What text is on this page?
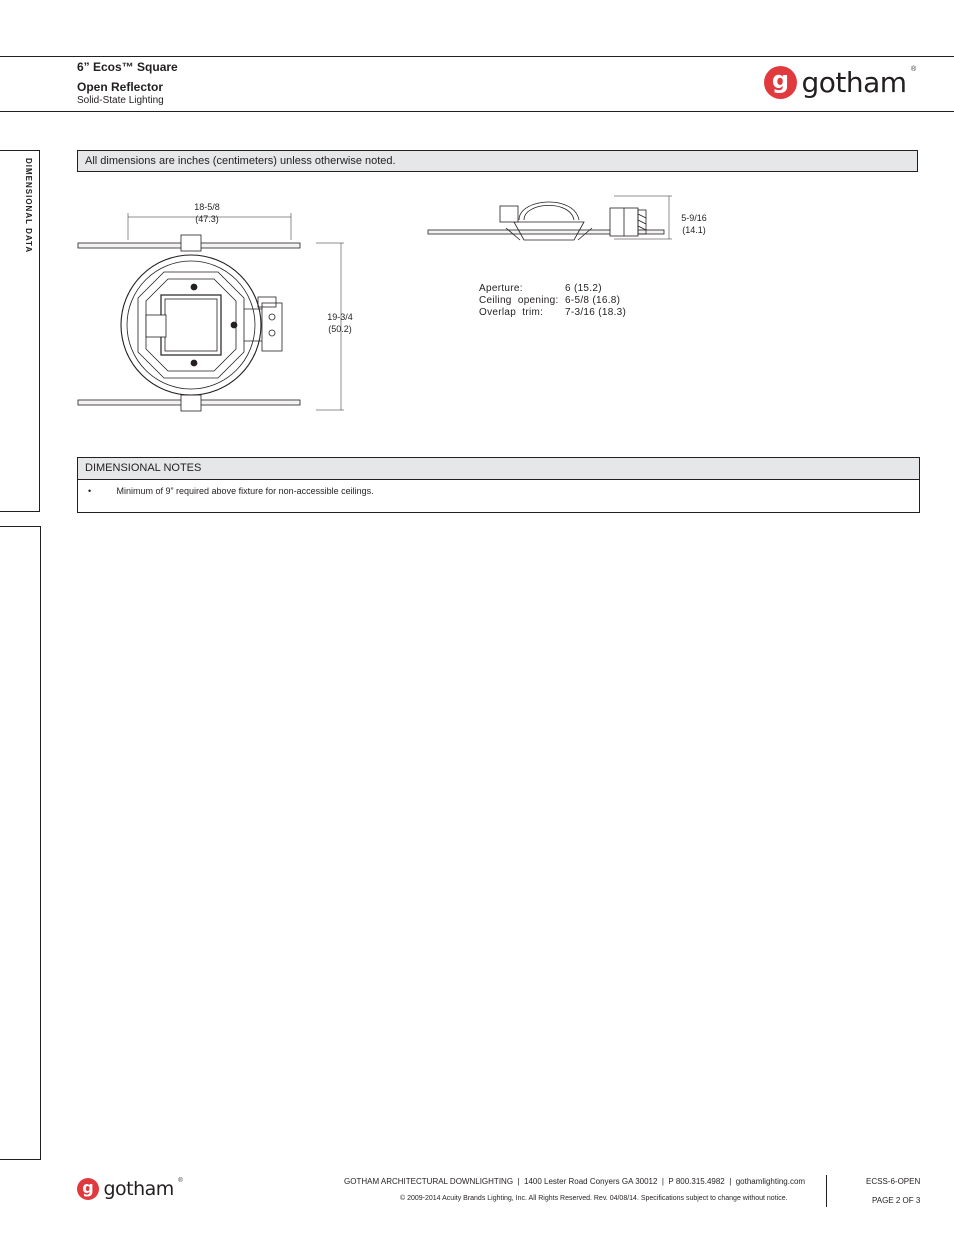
6” Ecos™ Square
Open Reflector
Solid-State Lighting
g gotham ®
DIMENSIONAL DATA	All dimensions are inches (centimeters) unless otherwise noted.
18-5/8
(47.3)
19-3/4
(50.2)
5-9/16
(14.1)
Aperture:	6 (15.2)
Ceiling  opening:	6-5/8 (16.8)
Overlap  trim:	7-3/16 (18.3)
DIMENSIONAL NOTES
•	Minimum of 9” required above fixture for non-accessible ceilings.
g gotham ®	GOTHAM ARCHITECTURAL DOWNLIGHTING  |  1400 Lester Road Conyers GA 30012  |  P 800.315.4982  |  gothamlighting.com
© 2009-2014 Acuity Brands Lighting, Inc. All Rights Reserved. Rev. 04/08/14. Specifications subject to change without notice.
ECSS-6-OPEN
PAGE 2 OF 3
